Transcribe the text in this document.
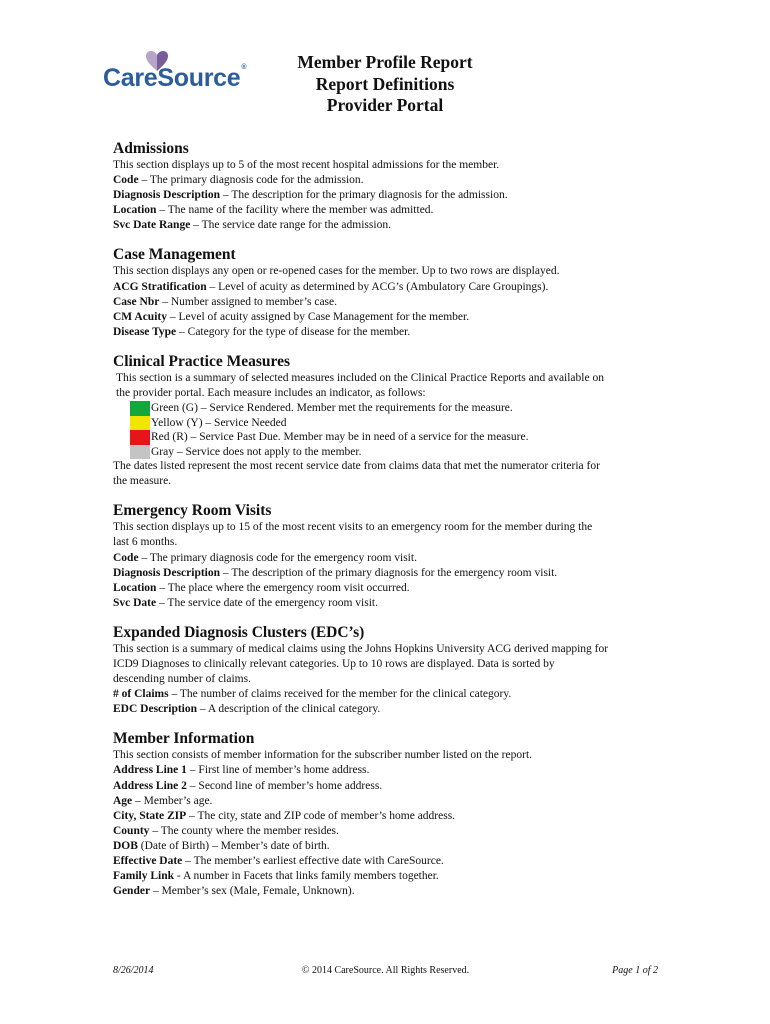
CareSource®	Member Profile Report
Report Definitions
Provider Portal
Admissions
This section displays up to 5 of the most recent hospital admissions for the member.
Code – The primary diagnosis code for the admission.
Diagnosis Description – The description for the primary diagnosis for the admission.
Location – The name of the facility where the member was admitted.
Svc Date Range – The service date range for the admission.
Case Management
This section displays any open or re-opened cases for the member. Up to two rows are displayed.
ACG Stratification – Level of acuity as determined by ACG’s (Ambulatory Care Groupings).
Case Nbr – Number assigned to member’s case.
CM Acuity – Level of acuity assigned by Case Management for the member.
Disease Type – Category for the type of disease for the member.
Clinical Practice Measures
This section is a summary of selected measures included on the Clinical Practice Reports and available on
the provider portal. Each measure includes an indicator, as follows:
Green (G) – Service Rendered. Member met the requirements for the measure.
Yellow (Y) – Service Needed
Red (R) – Service Past Due. Member may be in need of a service for the measure.
Gray – Service does not apply to the member.
The dates listed represent the most recent service date from claims data that met the numerator criteria for
the measure.
Emergency Room Visits
This section displays up to 15 of the most recent visits to an emergency room for the member during the
last 6 months.
Code – The primary diagnosis code for the emergency room visit.
Diagnosis Description – The description of the primary diagnosis for the emergency room visit.
Location – The place where the emergency room visit occurred.
Svc Date – The service date of the emergency room visit.
Expanded Diagnosis Clusters (EDC’s)
This section is a summary of medical claims using the Johns Hopkins University ACG derived mapping for
ICD9 Diagnoses to clinically relevant categories. Up to 10 rows are displayed. Data is sorted by
descending number of claims.
# of Claims – The number of claims received for the member for the clinical category.
EDC Description – A description of the clinical category.
Member Information
This section consists of member information for the subscriber number listed on the report.
Address Line 1 – First line of member’s home address.
Address Line 2 – Second line of member’s home address.
Age – Member’s age.
City, State ZIP – The city, state and ZIP code of member’s home address.
County – The county where the member resides.
DOB (Date of Birth) – Member’s date of birth.
Effective Date – The member’s earliest effective date with CareSource.
Family Link - A number in Facets that links family members together.
Gender – Member’s sex (Male, Female, Unknown).
8/26/2014	© 2014 CareSource. All Rights Reserved.	Page 1 of 2
